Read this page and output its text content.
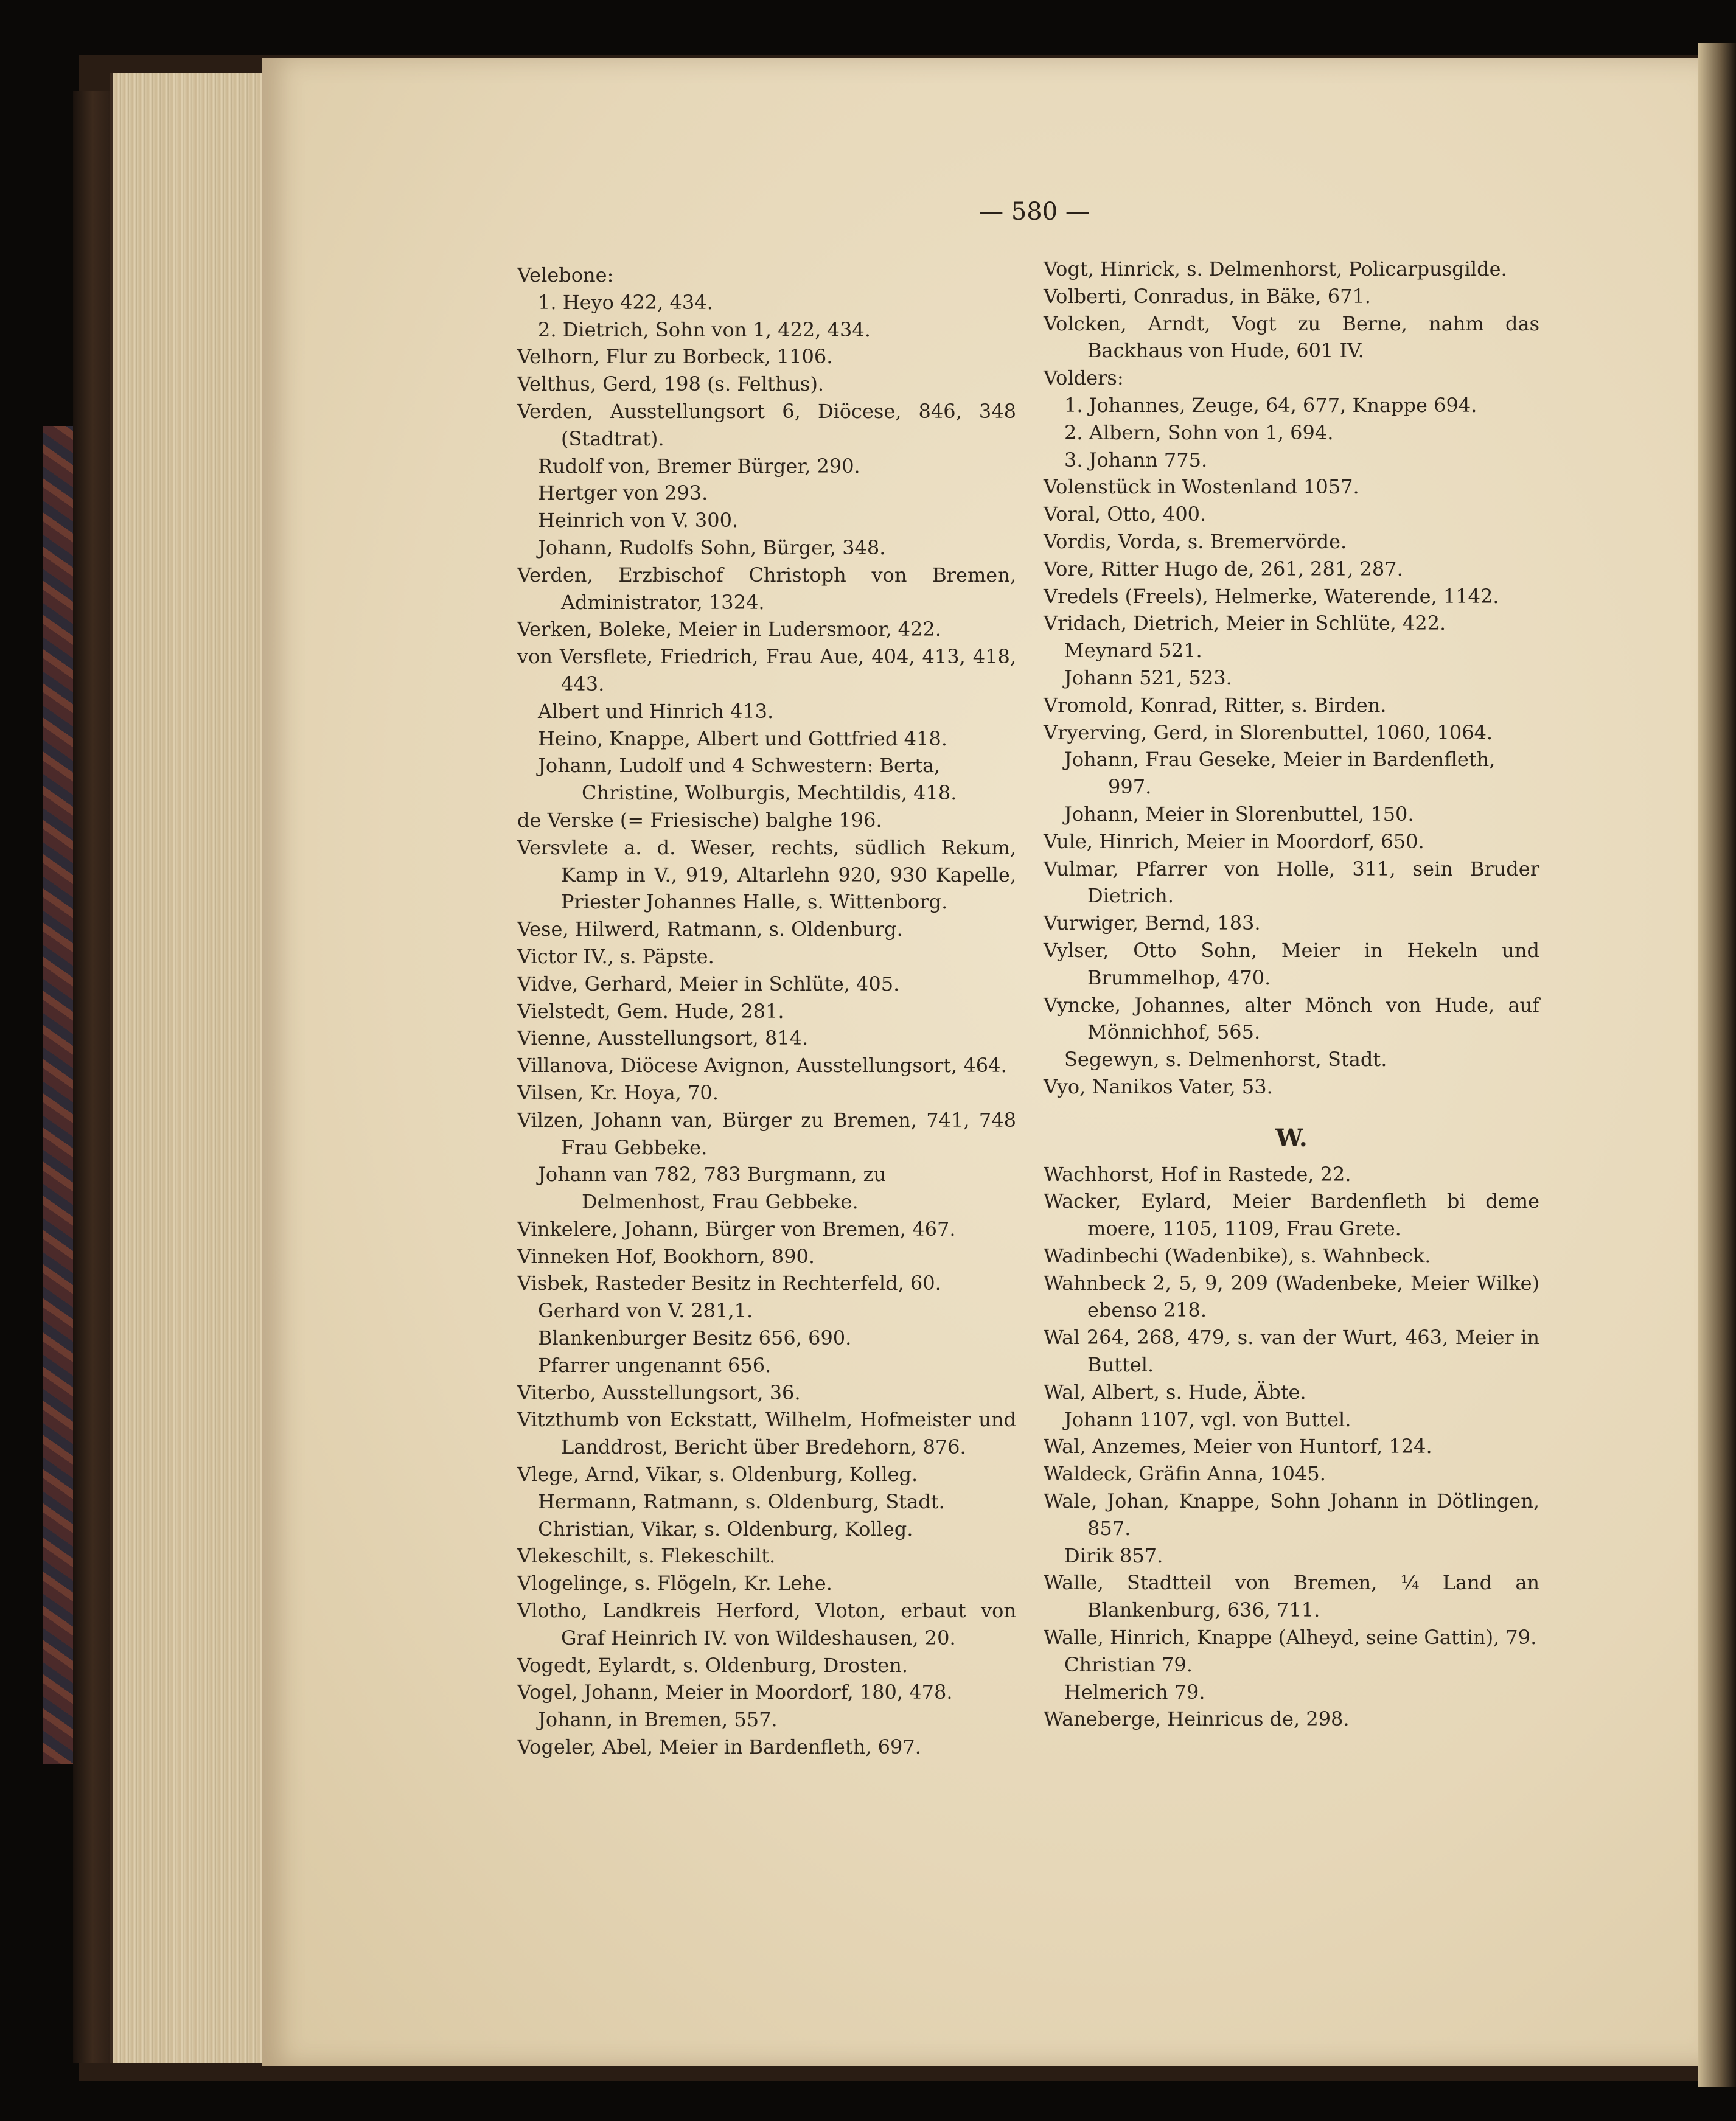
— 580 —
Velebone:
1. Heyo 422, 434.
2. Dietrich, Sohn von 1, 422, 434.
Velhorn, Flur zu Borbeck, 1106.
Velthus, Gerd, 198 (s. Felthus).
Verden, Ausstellungsort 6, Diöcese, 846, 348 (Stadtrat).
Rudolf von, Bremer Bürger, 290.
Hertger von 293.
Heinrich von V. 300.
Johann, Rudolfs Sohn, Bürger, 348.
Verden, Erzbischof Christoph von Bremen, Administrator, 1324.
Verken, Boleke, Meier in Ludersmoor, 422.
von Versflete, Friedrich, Frau Aue, 404, 413, 418, 443.
Albert und Hinrich 413.
Heino, Knappe, Albert und Gottfried 418.
Johann, Ludolf und 4 Schwestern: Berta, Christine, Wolburgis, Mechtildis, 418.
de Verske (= Friesische) balghe 196.
Versvlete a. d. Weser, rechts, südlich Rekum, Kamp in V., 919, Altarlehn 920, 930 Kapelle, Priester Johannes Halle, s. Wittenborg.
Vese, Hilwerd, Ratmann, s. Oldenburg.
Victor IV., s. Päpste.
Vidve, Gerhard, Meier in Schlüte, 405.
Vielstedt, Gem. Hude, 281.
Vienne, Ausstellungsort, 814.
Villanova, Diöcese Avignon, Ausstellungsort, 464.
Vilsen, Kr. Hoya, 70.
Vilzen, Johann van, Bürger zu Bremen, 741, 748 Frau Gebbeke.
Johann van 782, 783 Burgmann, zu Delmenhost, Frau Gebbeke.
Vinkelere, Johann, Bürger von Bremen, 467.
Vinneken Hof, Bookhorn, 890.
Visbek, Rasteder Besitz in Rechterfeld, 60.
Gerhard von V. 281,1.
Blankenburger Besitz 656, 690.
Pfarrer ungenannt 656.
Viterbo, Ausstellungsort, 36.
Vitzthumb von Eckstatt, Wilhelm, Hofmeister und Landdrost, Bericht über Bredehorn, 876.
Vlege, Arnd, Vikar, s. Oldenburg, Kolleg.
Hermann, Ratmann, s. Oldenburg, Stadt.
Christian, Vikar, s. Oldenburg, Kolleg.
Vlekeschilt, s. Flekeschilt.
Vlogelinge, s. Flögeln, Kr. Lehe.
Vlotho, Landkreis Herford, Vloton, erbaut von Graf Heinrich IV. von Wildeshausen, 20.
Vogedt, Eylardt, s. Oldenburg, Drosten.
Vogel, Johann, Meier in Moordorf, 180, 478.
Johann, in Bremen, 557.
Vogeler, Abel, Meier in Bardenfleth, 697.
Vogt, Hinrick, s. Delmenhorst, Policarpusgilde.
Volberti, Conradus, in Bäke, 671.
Volcken, Arndt, Vogt zu Berne, nahm das Backhaus von Hude, 601 IV.
Volders:
1. Johannes, Zeuge, 64, 677, Knappe 694.
2. Albern, Sohn von 1, 694.
3. Johann 775.
Volenstück in Wostenland 1057.
Voral, Otto, 400.
Vordis, Vorda, s. Bremervörde.
Vore, Ritter Hugo de, 261, 281, 287.
Vredels (Freels), Helmerke, Waterende, 1142.
Vridach, Dietrich, Meier in Schlüte, 422.
Meynard 521.
Johann 521, 523.
Vromold, Konrad, Ritter, s. Birden.
Vryerving, Gerd, in Slorenbuttel, 1060, 1064.
Johann, Frau Geseke, Meier in Bardenfleth, 997.
Johann, Meier in Slorenbuttel, 150.
Vule, Hinrich, Meier in Moordorf, 650.
Vulmar, Pfarrer von Holle, 311, sein Bruder Dietrich.
Vurwiger, Bernd, 183.
Vylser, Otto Sohn, Meier in Hekeln und Brummelhop, 470.
Vyncke, Johannes, alter Mönch von Hude, auf Mönnichhof, 565.
Segewyn, s. Delmenhorst, Stadt.
Vyo, Nanikos Vater, 53.
W.
Wachhorst, Hof in Rastede, 22.
Wacker, Eylard, Meier Bardenfleth bi deme moere, 1105, 1109, Frau Grete.
Wadinbechi (Wadenbike), s. Wahnbeck.
Wahnbeck 2, 5, 9, 209 (Wadenbeke, Meier Wilke) ebenso 218.
Wal 264, 268, 479, s. van der Wurt, 463, Meier in Buttel.
Wal, Albert, s. Hude, Äbte.
Johann 1107, vgl. von Buttel.
Wal, Anzemes, Meier von Huntorf, 124.
Waldeck, Gräfin Anna, 1045.
Wale, Johan, Knappe, Sohn Johann in Dötlingen, 857.
Dirik 857.
Walle, Stadtteil von Bremen, ¼ Land an Blankenburg, 636, 711.
Walle, Hinrich, Knappe (Alheyd, seine Gattin), 79.
Christian 79.
Helmerich 79.
Waneberge, Heinricus de, 298.
